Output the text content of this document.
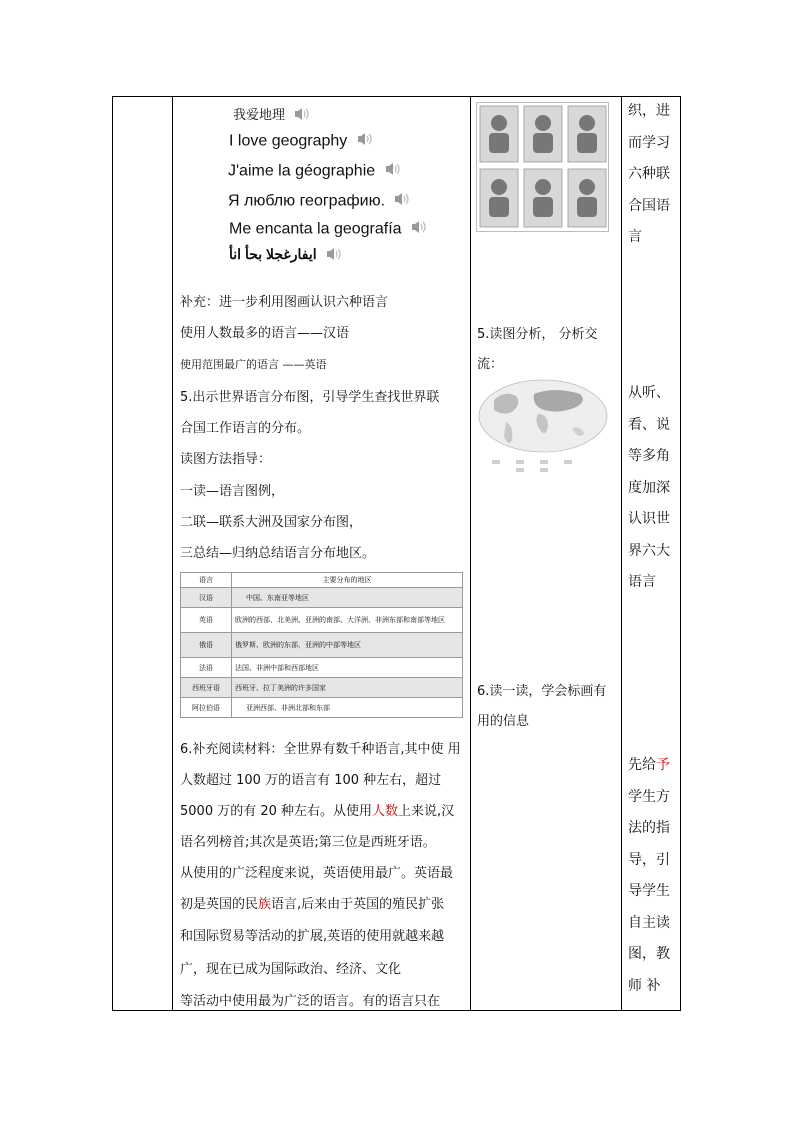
我爱地理
I love geography
J'aime la géographie
Я люблю географию.
Me encanta la geografía
ايفارغجلا بحأ انأ
补充：进一步利用图画认识六种语言
使用人数最多的语言——汉语
使用范围最广的语言 ——英语
5.出示世界语言分布图，引导学生查找世界联
合国工作语言的分布。
读图方法指导：
一读—语言图例，
二联—联系大洲及国家分布图，
三总结—归纳总结语言分布地区。
语言	主要分布的地区
汉语	中国、东南亚等地区
英语	欧洲的西部、北美洲、亚洲的南部、大洋洲、非洲东部和南部等地区
俄语	俄罗斯、欧洲的东部，亚洲的中部等地区
法语	法国、非洲中部和西部地区
西班牙语	西班牙、拉丁美洲的许多国家
阿拉伯语	亚洲西部、非洲北部和东部
6.补充阅读材料：全世界有数千种语言,其中使 用
人数超过 100 万的语言有 100 种左右，超过
5000 万的有 20 种左右。从使用人数上来说,汉
语名列榜首;其次是英语;第三位是西班牙语。
从使用的广泛程度来说，英语使用最广。英语最
初是英国的民族语言,后来由于英国的殖民扩张
和国际贸易等活动的扩展,英语的使用就越来越
广，现在已成为国际政治、经济、文化
等活动中使用最为广泛的语言。有的语言只在
5.读图分析， 分析交
流：
6.读一读，学会标画有
用的信息

织，进

而学习

六种联

合国语

言

从听、

看、说

等多角

度加深

认识世

界六大

语言

先给予

学生方

法的指

导，引

导学生

自主读

图，教

师 补
